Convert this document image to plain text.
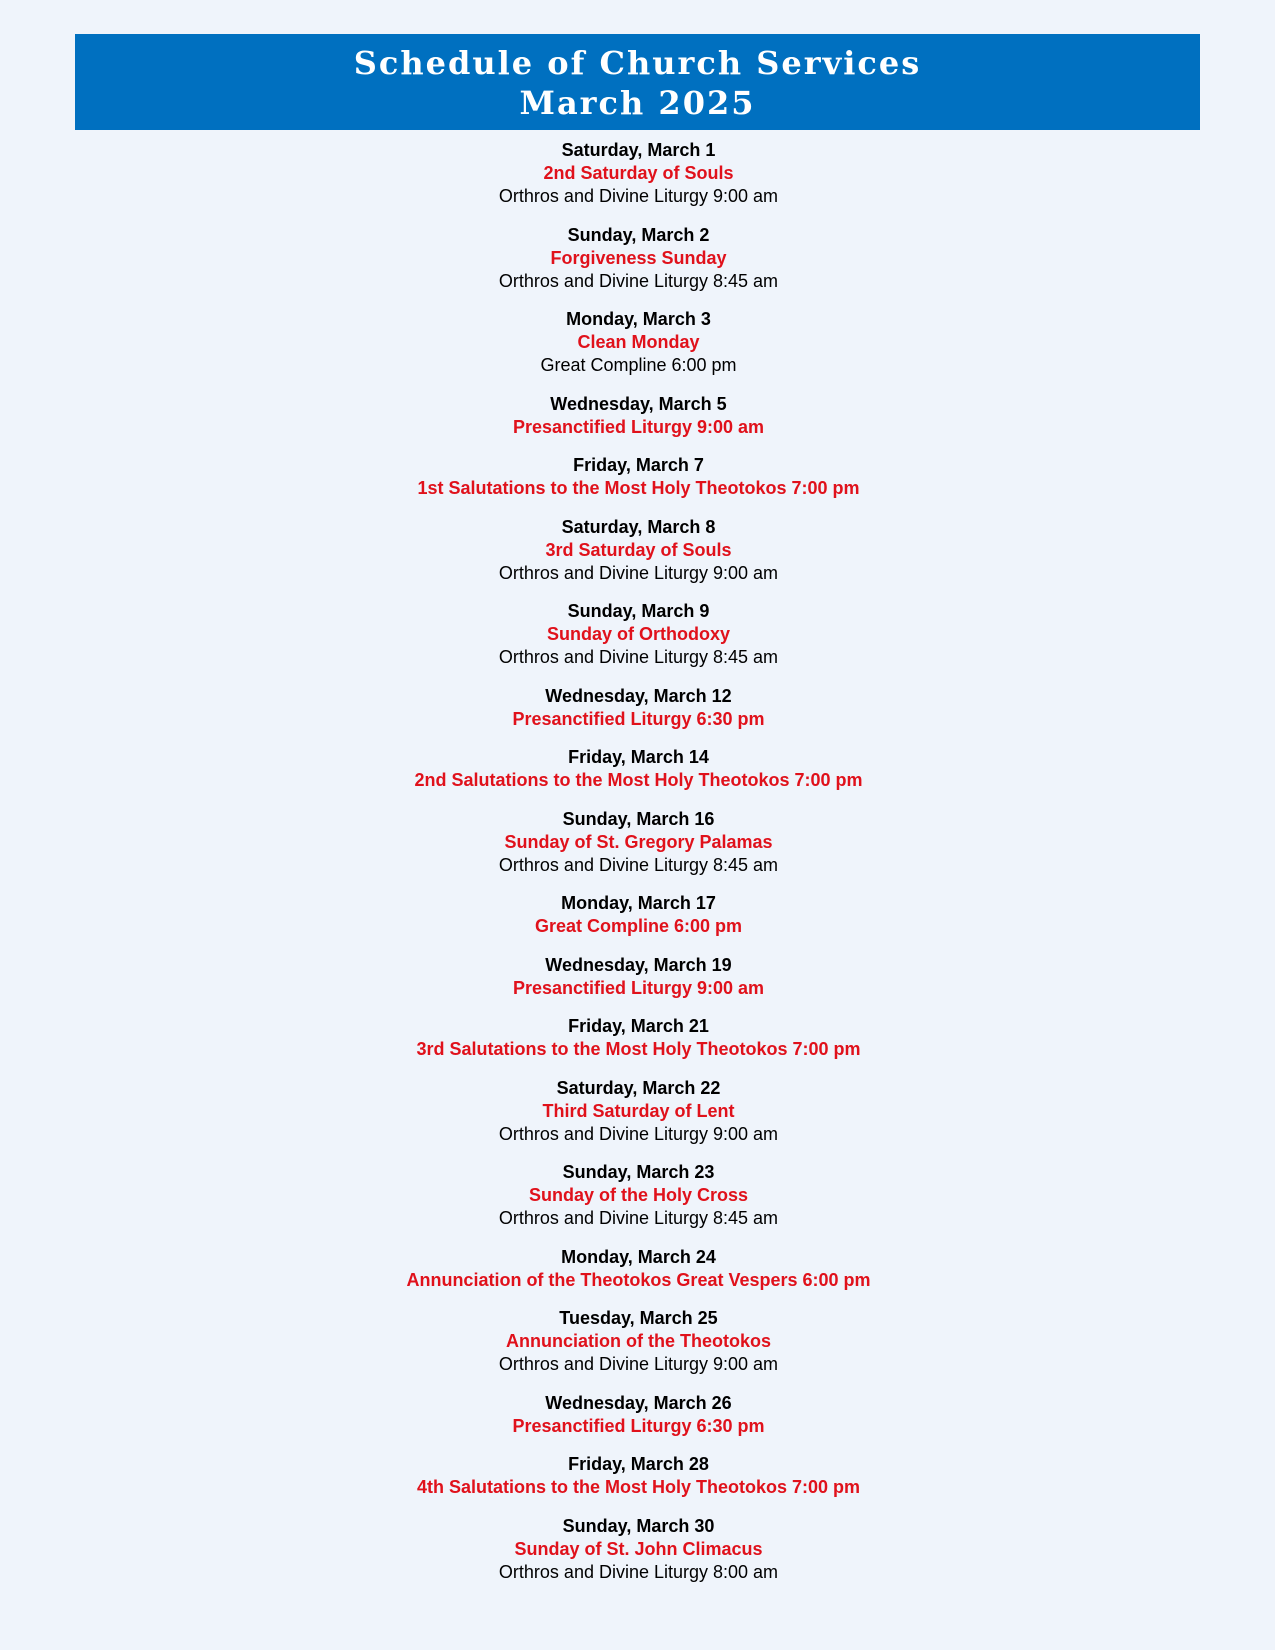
Schedule of Church Services
March 2025
Saturday, March 1
2nd Saturday of Souls
Orthros and Divine Liturgy 9:00 am
Sunday, March 2
Forgiveness Sunday
Orthros and Divine Liturgy 8:45 am
Monday, March 3
Clean Monday
Great Compline 6:00 pm
Wednesday, March 5
Presanctified Liturgy 9:00 am
Friday, March 7
1st Salutations to the Most Holy Theotokos 7:00 pm
Saturday, March 8
3rd Saturday of Souls
Orthros and Divine Liturgy 9:00 am
Sunday, March 9
Sunday of Orthodoxy
Orthros and Divine Liturgy 8:45 am
Wednesday, March 12
Presanctified Liturgy 6:30 pm
Friday, March 14
2nd Salutations to the Most Holy Theotokos 7:00 pm
Sunday, March 16
Sunday of St. Gregory Palamas
Orthros and Divine Liturgy 8:45 am
Monday, March 17
Great Compline 6:00 pm
Wednesday, March 19
Presanctified Liturgy 9:00 am
Friday, March 21
3rd Salutations to the Most Holy Theotokos 7:00 pm
Saturday, March 22
Third Saturday of Lent
Orthros and Divine Liturgy 9:00 am
Sunday, March 23
Sunday of the Holy Cross
Orthros and Divine Liturgy 8:45 am
Monday, March 24
Annunciation of the Theotokos Great Vespers 6:00 pm
Tuesday, March 25
Annunciation of the Theotokos
Orthros and Divine Liturgy 9:00 am
Wednesday, March 26
Presanctified Liturgy 6:30 pm
Friday, March 28
4th Salutations to the Most Holy Theotokos 7:00 pm
Sunday, March 30
Sunday of St. John Climacus
Orthros and Divine Liturgy 8:00 am
